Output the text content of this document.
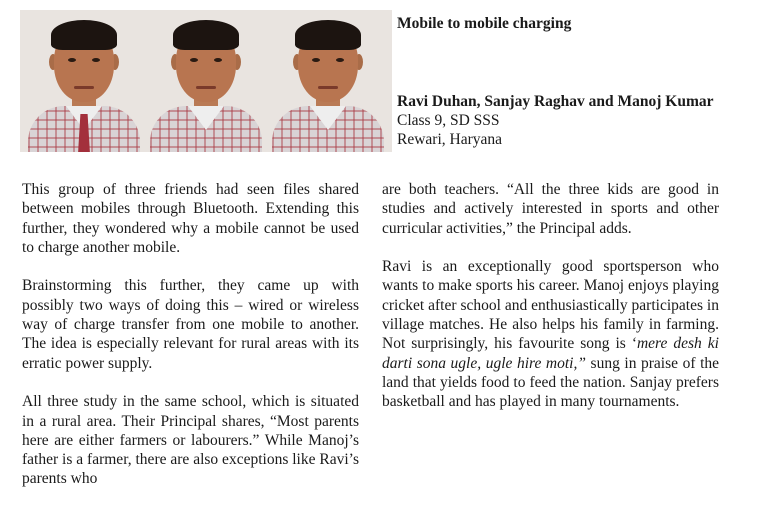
Mobile to mobile charging

Ravi Duhan, Sanjay Raghav and Manoj Kumar
Class 9, SD SSS
Rewari, Haryana

This group of three friends had seen files shared between mobiles through Bluetooth. Extending this further, they wondered why a mobile cannot be used to charge another mobile.

Brainstorming this further, they came up with possibly two ways of doing this – wired or wireless way of charge transfer from one mobile to another. The idea is especially relevant for rural areas with its erratic power supply.

All three study in the same school, which is situated in a rural area. Their Principal shares, “Most parents here are either farmers or labourers.” While Manoj’s father is a farmer, there are also exceptions like Ravi’s parents who

are both teachers. “All the three kids are good in studies and actively interested in sports and other curricular activities,” the Principal adds.

Ravi is an exceptionally good sportsperson who wants to make sports his career. Manoj enjoys playing cricket after school and enthusiastically participates in village matches. He also helps his family in farming. Not surprisingly, his favourite song is ‘mere desh ki darti sona ugle, ugle hire moti,” sung in praise of the land that yields food to feed the nation. Sanjay prefers basketball and has played in many tournaments.
